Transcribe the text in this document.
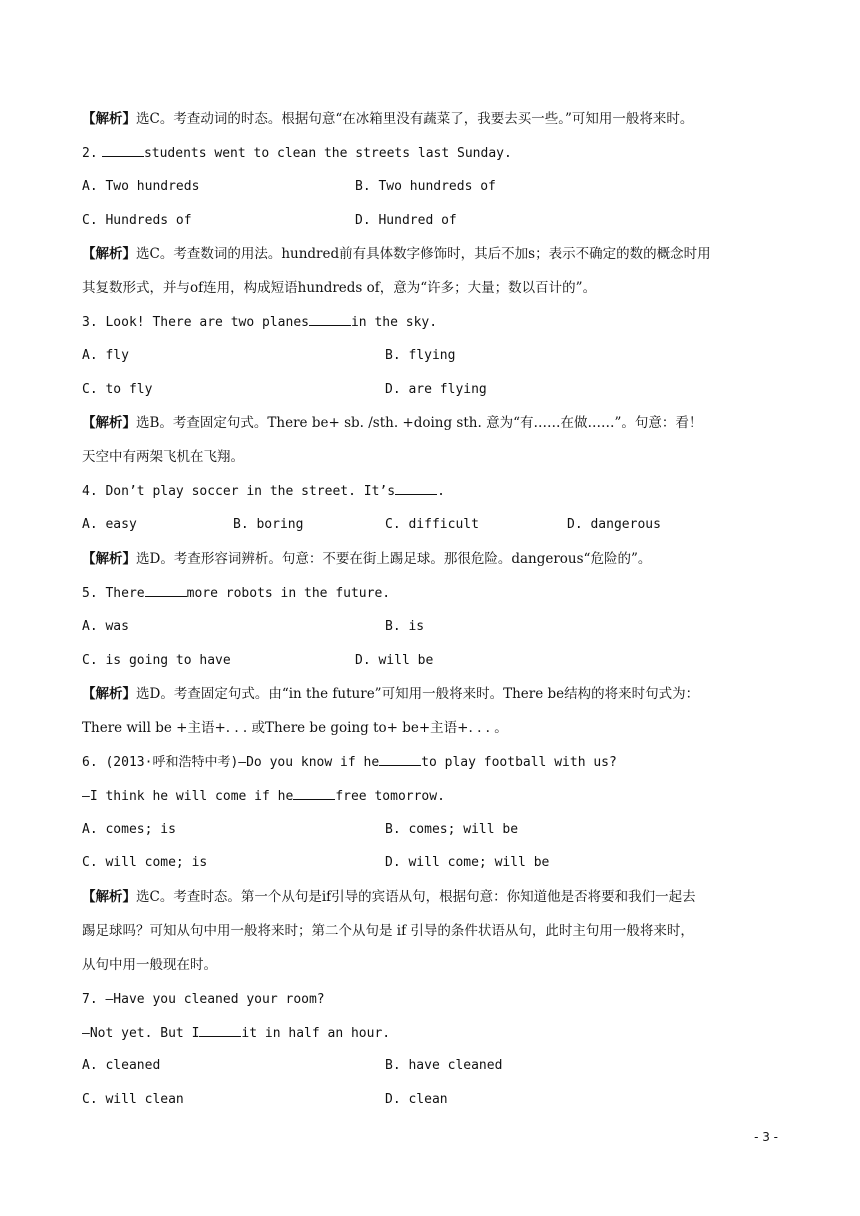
【解析】选C。考查动词的时态。根据句意“在冰箱里没有蔬菜了，我要去买一些。”可知用一般将来时。
2.	students went to clean the streets last Sunday.
A. Two hundreds	B. Two hundreds of
C. Hundreds of	D. Hundred of
【解析】选C。考查数词的用法。hundred前有具体数字修饰时，其后不加s；表示不确定的数的概念时用
其复数形式，并与of连用，构成短语hundreds of，意为“许多；大量；数以百计的”。
3. Look! There are two planes	in the sky.
A. fly	B. flying
C. to fly	D. are flying
【解析】选B。考查固定句式。There be+ sb. /sth. +doing sth. 意为“有……在做……”。句意：看！
天空中有两架飞机在飞翔。
4. Don’t play soccer in the street. It’s	.
A. easy	B. boring	C. difficult	D. dangerous
【解析】选D。考查形容词辨析。句意：不要在街上踢足球。那很危险。dangerous“危险的”。
5. There	more robots in the future.
A. was	B. is
C. is going to have	D. will be
【解析】选D。考查固定句式。由“in the future”可知用一般将来时。There be结构的将来时句式为：
There will be +主语+. . . 或There be going to+ be+主语+. . . 。
6. (2013·呼和浩特中考)—Do you know if he	to play football with us?
—I think he will come if he	free tomorrow.
A. comes; is	B. comes; will be
C. will come; is	D. will come; will be
【解析】选C。考查时态。第一个从句是if引导的宾语从句，根据句意：你知道他是否将要和我们一起去
踢足球吗？可知从句中用一般将来时；第二个从句是 if 引导的条件状语从句，此时主句用一般将来时，
从句中用一般现在时。
7. —Have you cleaned your room?
—Not yet. But I	it in half an hour.
A. cleaned	B. have cleaned
C. will clean	D. clean
- 3 -
